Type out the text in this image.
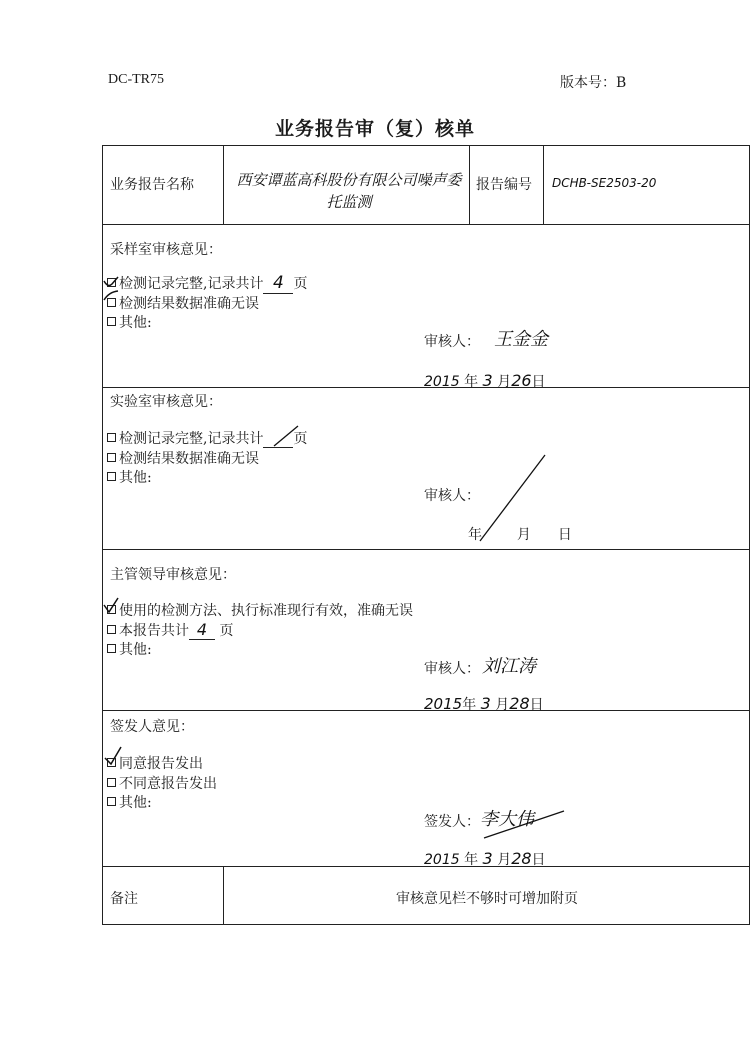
DC-TR75	版本号：B
业务报告审（复）核单
业务报告名称	西安谭蓝高科股份有限公司噪声委托监测
报告编号 DCHB-SE2503-20
采样室审核意见：
检测记录完整,记录共计 4 页
检测结果数据准确无误
其他:
审核人： 王金金
2015 年 3 月26日
实验室审核意见：
检测记录完整,记录共计 页
检测结果数据准确无误
其他:
审核人：
年 月 日
主管领导审核意见：
使用的检测方法、执行标准现行有效，准确无误
本报告共计 4 页
其他:
审核人： 刘江涛
2015年 3 月28日
签发人意见：
同意报告发出
不同意报告发出
其他:
签发人： 李大伟
2015 年 3 月28日
备注	审核意见栏不够时可增加附页
